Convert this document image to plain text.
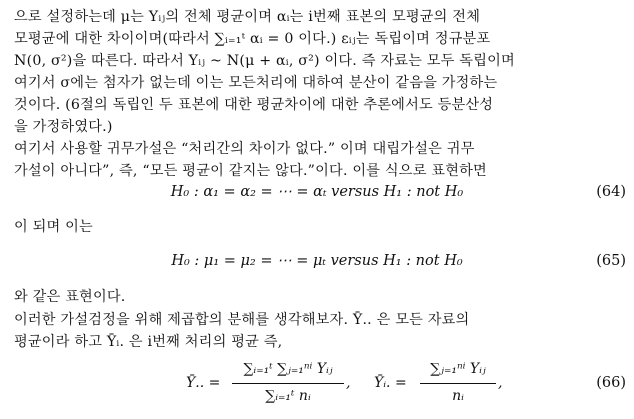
으로 설정하는데 μ는 Yᵢⱼ의 전체 평균이며 αᵢ는 i번째 표본의 모평균의 전체
모평균에 대한 차이이며(따라서 ∑ᵢ₌₁ᵗ αᵢ = 0 이다.) εᵢⱼ는 독립이며 정규분포
N(0, σ²)을 따른다. 따라서 Yᵢⱼ ~ N(μ + αᵢ, σ²) 이다. 즉 자료는 모두 독립이며
여기서 σ에는 첨자가 없는데 이는 모든처리에 대하여 분산이 같음을 가정하는
것이다. (6절의 독립인 두 표본에 대한 평균차이에 대한 추론에서도 등분산성
을 가정하였다.)
여기서 사용할 귀무가설은 “처리간의 차이가 없다.” 이며 대립가설은 귀무
가설이 아니다”, 즉, “모든 평균이 같지는 않다.”이다. 이를 식으로 표현하면
H₀ : α₁ = α₂ = ⋯ = αₜ versus H₁ : not H₀	(64)
이 되며 이는
H₀ : μ₁ = μ₂ = ⋯ = μₜ versus H₁ : not H₀	(65)
와 같은 표현이다.
이러한 가설검정을 위해 제곱합의 분해를 생각해보자. Ȳ.. 은 모든 자료의
평균이라 하고 Ȳᵢ. 은 i번째 처리의 평균 즉,
Ȳ.. =
∑ᵢ₌₁ᵗ ∑ⱼ₌₁ⁿⁱ Yᵢⱼ
∑ᵢ₌₁ᵗ nᵢ
, Ȳᵢ. =
∑ⱼ₌₁ⁿⁱ Yᵢⱼ
nᵢ
,	(66)
